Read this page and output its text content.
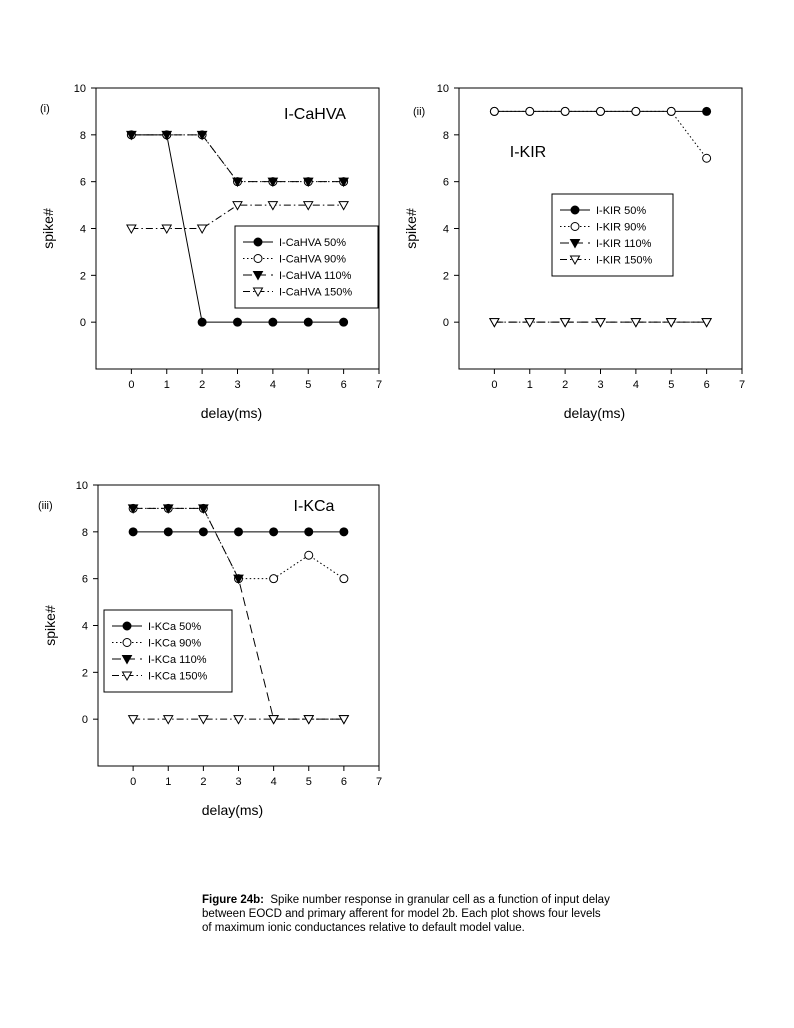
0
2
4
6
8
10
0	1	2	3	4	5	6	7
delay(ms)
spike#
(i)	I-CaHVA
I-CaHVA 50%
I-CaHVA 90%
I-CaHVA 110%
I-CaHVA 150%
0
2
4
6
8
10
0	1	2	3	4	5	6	7
delay(ms)
spike#
(ii)
I-KIR
I-KIR 50%
I-KIR 90%
I-KIR 110%
I-KIR 150%
0
2
4
6
8
10
0	1	2	3	4	5	6	7
delay(ms)
spike#
(iii)	I-KCa
I-KCa 50%
I-KCa 90%
I-KCa 110%
I-KCa 150%
Figure 24b: Spike number response in granular cell as a function of input delay between EOCD and primary afferent for model 2b. Each plot shows four levels of maximum ionic conductances relative to default model value.
